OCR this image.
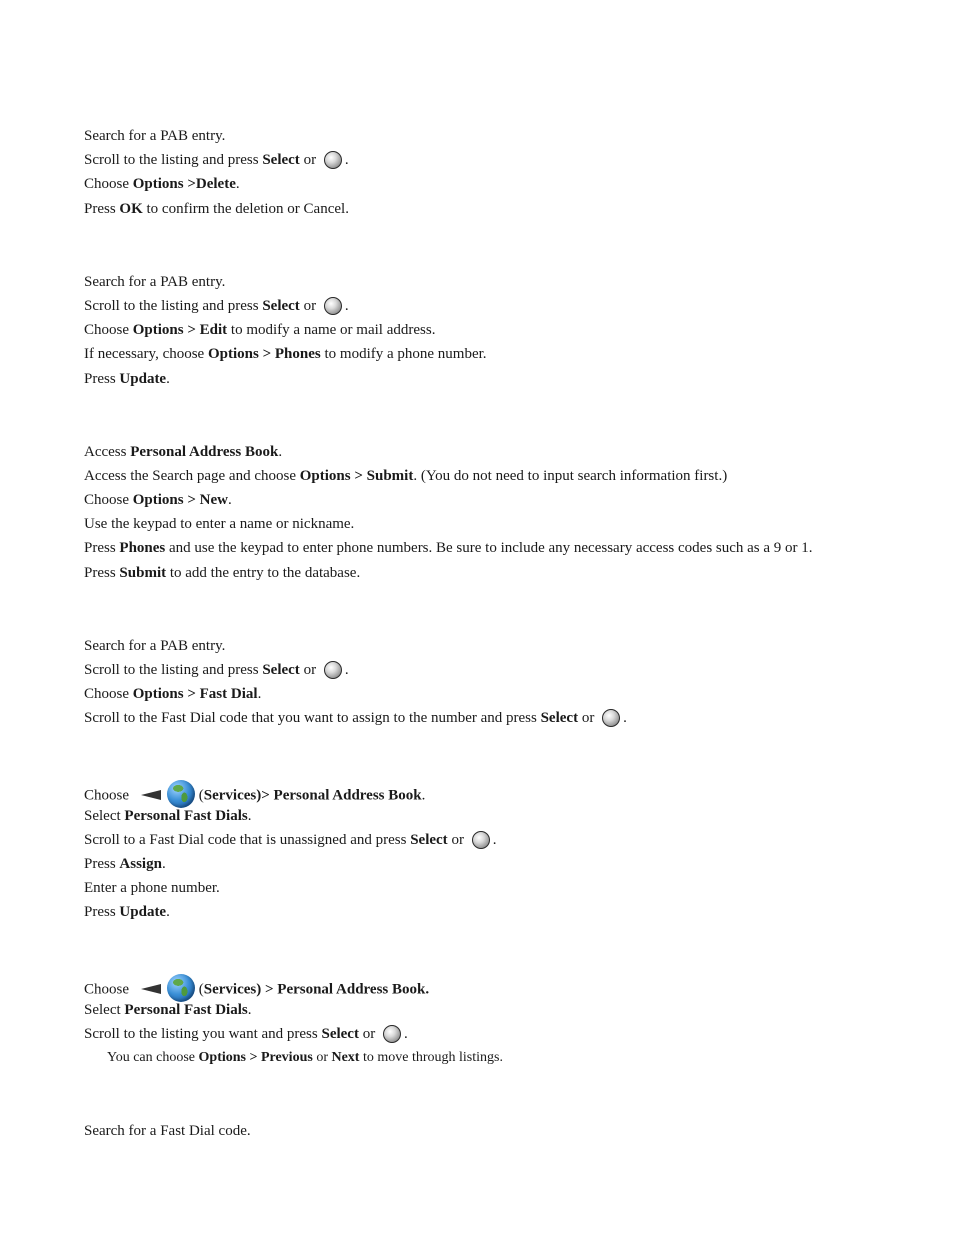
Search for a PAB entry.
Scroll to the listing and press Select or .
Choose Options >Delete.
Press OK to confirm the deletion or Cancel.
Search for a PAB entry.
Scroll to the listing and press Select or .
Choose Options > Edit to modify a name or mail address.
If necessary, choose Options > Phones to modify a phone number.
Press Update.
Access Personal Address Book.
Access the Search page and choose Options > Submit. (You do not need to input search information first.)
Choose Options > New.
Use the keypad to enter a name or nickname.
Press Phones and use the keypad to enter phone numbers. Be sure to include any necessary access codes such as a 9 or 1.
Press Submit to add the entry to the database.
Search for a PAB entry.
Scroll to the listing and press Select or .
Choose Options > Fast Dial.
Scroll to the Fast Dial code that you want to assign to the number and press Select or .
Choose	(Services)> Personal Address Book.
Select Personal Fast Dials.
Scroll to a Fast Dial code that is unassigned and press Select or .
Press Assign.
Enter a phone number.
Press Update.
Choose	(Services) > Personal Address Book.
Select Personal Fast Dials.
Scroll to the listing you want and press Select or .
You can choose Options > Previous or Next to move through listings.
Search for a Fast Dial code.
